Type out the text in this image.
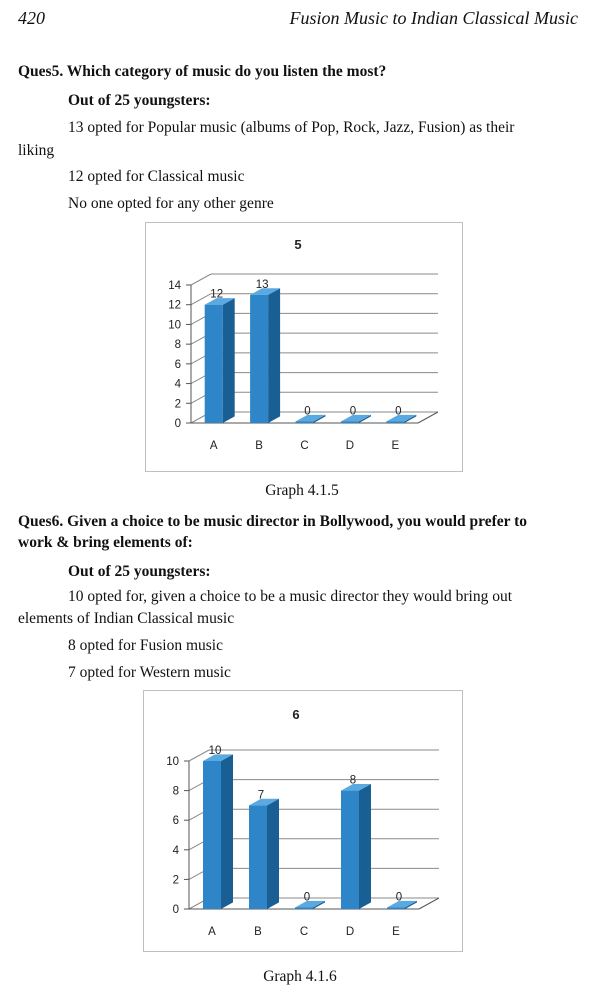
420	Fusion Music to Indian Classical Music
Ques5. Which category of music do you listen the most?
Out of 25 youngsters:
13 opted for Popular music (albums of Pop, Rock, Jazz, Fusion) as their
liking
12 opted for Classical music
No one opted for any other genre
5
0
2
4
6
8
10
12
14
12
A
13
B
0
C
0
D
0
E
Graph 4.1.5
Ques6. Given a choice to be music director in Bollywood, you would prefer to
work & bring elements of:
Out of 25 youngsters:
10 opted for, given a choice to be a music director they would bring out
elements of Indian Classical music
8 opted for Fusion music
7 opted for Western music
6
0
2
4
6
8
10
10
A
7
B
0
C
8
D
0
E
Graph 4.1.6
